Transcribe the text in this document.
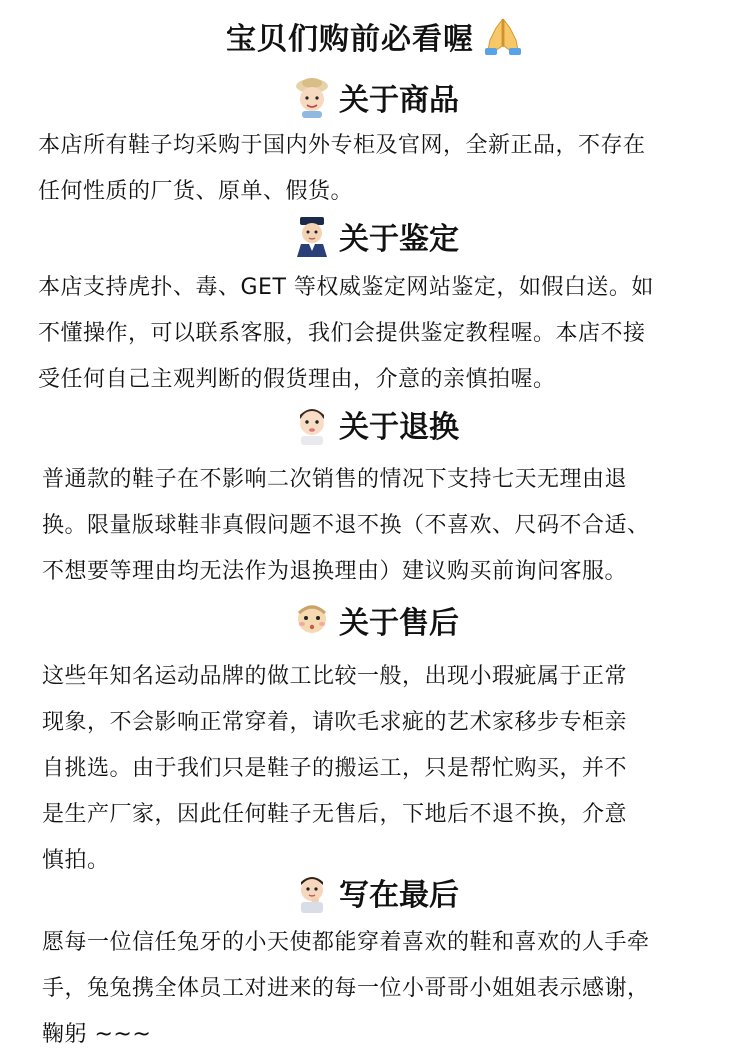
宝贝们购前必看喔
关于商品
本店所有鞋子均采购于国内外专柜及官网，全新正品，不存在
任何性质的厂货、原单、假货。
关于鉴定
本店支持虎扑、毒、GET 等权威鉴定网站鉴定，如假白送。如
不懂操作，可以联系客服，我们会提供鉴定教程喔。本店不接
受任何自己主观判断的假货理由，介意的亲慎拍喔。
关于退换
普通款的鞋子在不影响二次销售的情况下支持七天无理由退
换。限量版球鞋非真假问题不退不换（不喜欢、尺码不合适、
不想要等理由均无法作为退换理由）建议购买前询问客服。
关于售后
这些年知名运动品牌的做工比较一般，出现小瑕疵属于正常
现象，不会影响正常穿着，请吹毛求疵的艺术家移步专柜亲
自挑选。由于我们只是鞋子的搬运工，只是帮忙购买，并不
是生产厂家，因此任何鞋子无售后，下地后不退不换，介意
慎拍。
写在最后
愿每一位信任兔牙的小天使都能穿着喜欢的鞋和喜欢的人手牵
手，兔兔携全体员工对进来的每一位小哥哥小姐姐表示感谢，
鞠躬 ~~~
